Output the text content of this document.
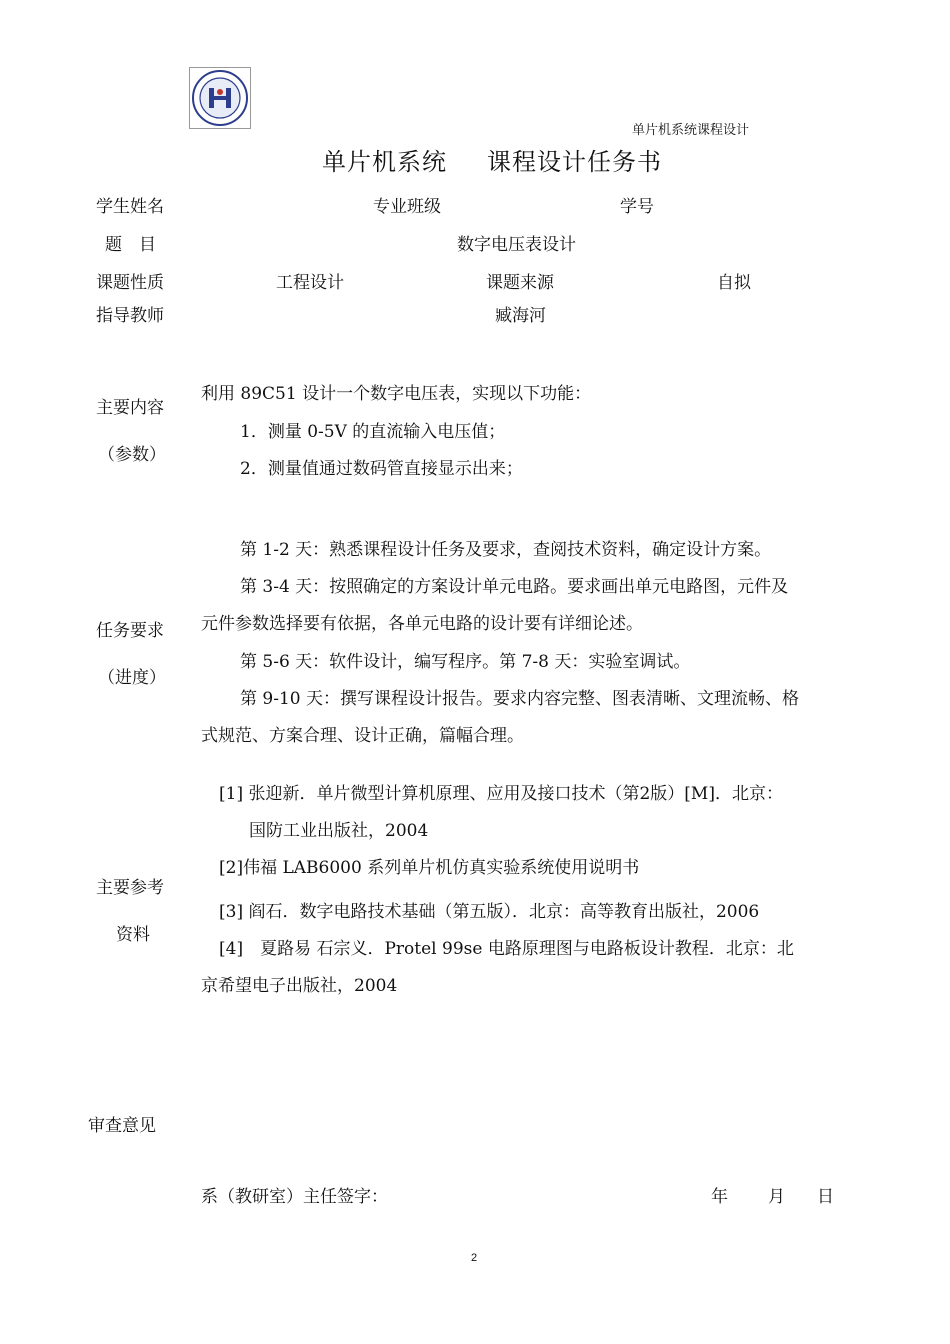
单片机系统课程设计
单片机系统 课程设计任务书
学生姓名	专业班级	学号
题　目	数字电压表设计
课题性质	工程设计	课题来源	自拟
指导教师	臧海河
主要内容
（参数）
利用 89C51 设计一个数字电压表，实现以下功能：
1．测量 0-5V 的直流输入电压值；
2．测量值通过数码管直接显示出来；
任务要求
（进度）
第 1-2 天：熟悉课程设计任务及要求，查阅技术资料，确定设计方案。
第 3-4 天：按照确定的方案设计单元电路。要求画出单元电路图，元件及
元件参数选择要有依据，各单元电路的设计要有详细论述。
第 5-6 天：软件设计，编写程序。第 7-8 天：实验室调试。
第 9-10 天：撰写课程设计报告。要求内容完整、图表清晰、文理流畅、格
式规范、方案合理、设计正确，篇幅合理。
主要参考
资料
[1] 张迎新．单片微型计算机原理、应用及接口技术（第2版）[M]．北京：
国防工业出版社，2004
[2]伟福 LAB6000 系列单片机仿真实验系统使用说明书
[3] 阎石．数字电路技术基础（第五版）．北京：高等教育出版社，2006
[4]　夏路易 石宗义．Protel 99se 电路原理图与电路板设计教程．北京：北
京希望电子出版社，2004
审查意见
系（教研室）主任签字：	年 月 日
2
